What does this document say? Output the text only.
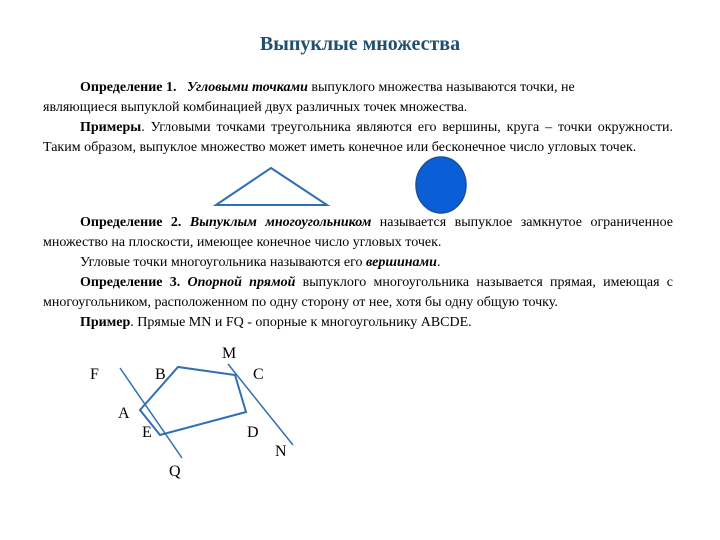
Выпуклые множества

Определение 1. Угловыми точками выпуклого множества называются точки, не

являющиеся выпуклой комбинацией двух различных точек множества.

Примеры. Угловыми точками треугольника являются его вершины, круга – точки окружности. Таким образом, выпуклое множество может иметь конечное или бесконечное число угловых точек.

Определение 2. Выпуклым многоугольником называется выпуклое замкнутое ограниченное множество на плоскости, имеющее конечное число угловых точек.

Угловые точки многоугольника называются его вершинами.

Определение 3. Опорной прямой выпуклого многоугольника называется прямая, имеющая с многоугольником, расположенном по одну сторону от нее, хотя бы одну общую точку.

Пример. Прямые MN и FQ - опорные к многоугольнику ABCDE.

M
F	B	C
A
E	D
N
Q
